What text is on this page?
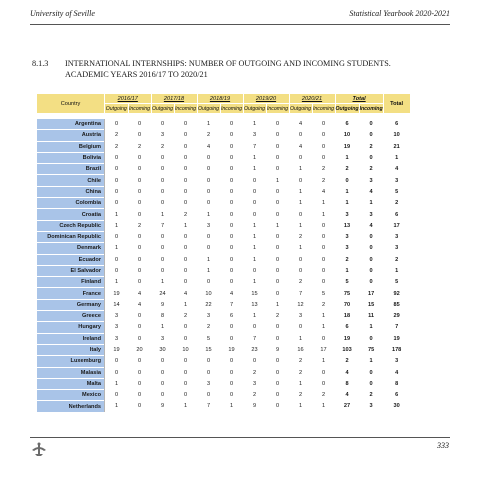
University of Seville	Statistical Yearbook 2020-2021
8.1.3 INTERNATIONAL INTERNSHIPS: NUMBER OF OUTGOING AND INCOMING STUDENTS.
ACADEMIC YEARS 2016/17 TO 2020/21
Country	2016/17		2017/18		2018/19		2019/20		2020/21		Total		Total
	Outgoing	Incoming	Outgoing	Incoming	Outgoing	Incoming	Outgoing	Incoming	Outgoing	Incoming	Outgoing	Incoming	

Argentina	0	0	0	0	1	0	1	0	4	0	6	0	6
Austria	2	0	3	0	2	0	3	0	0	0	10	0	10
Belgium	2	2	2	0	4	0	7	0	4	0	19	2	21
Bolivia	0	0	0	0	0	0	1	0	0	0	1	0	1
Brazil	0	0	0	0	0	0	1	0	1	2	2	2	4
Chile	0	0	0	0	0	0	0	1	0	2	0	3	3
China	0	0	0	0	0	0	0	0	1	4	1	4	5
Colombia	0	0	0	0	0	0	0	0	1	1	1	1	2
Croatia	1	0	1	2	1	0	0	0	0	1	3	3	6
Czech Republic	1	2	7	1	3	0	1	1	1	0	13	4	17
Dominican Republic	0	0	0	0	0	0	1	0	2	0	3	0	3
Denmark	1	0	0	0	0	0	1	0	1	0	3	0	3
Ecuador	0	0	0	0	1	0	1	0	0	0	2	0	2
El Salvador	0	0	0	0	1	0	0	0	0	0	1	0	1
Finland	1	0	1	0	0	0	1	0	2	0	5	0	5
France	19	4	24	4	10	4	15	0	7	5	75	17	92
Germany	14	4	9	1	22	7	13	1	12	2	70	15	85
Greece	3	0	8	2	3	6	1	2	3	1	18	11	29
Hungary	3	0	1	0	2	0	0	0	0	1	6	1	7
Ireland	3	0	3	0	5	0	7	0	1	0	19	0	19
Italy	19	20	30	10	15	19	23	9	16	17	103	75	178
Luxemburg	0	0	0	0	0	0	0	0	2	1	2	1	3
Malasia	0	0	0	0	0	0	2	0	2	0	4	0	4
Malta	1	0	0	0	3	0	3	0	1	0	8	0	8
Mexico	0	0	0	0	0	0	2	0	2	2	4	2	6
Netherlands	1	0	9	1	7	1	9	0	1	1	27	3	30
333
